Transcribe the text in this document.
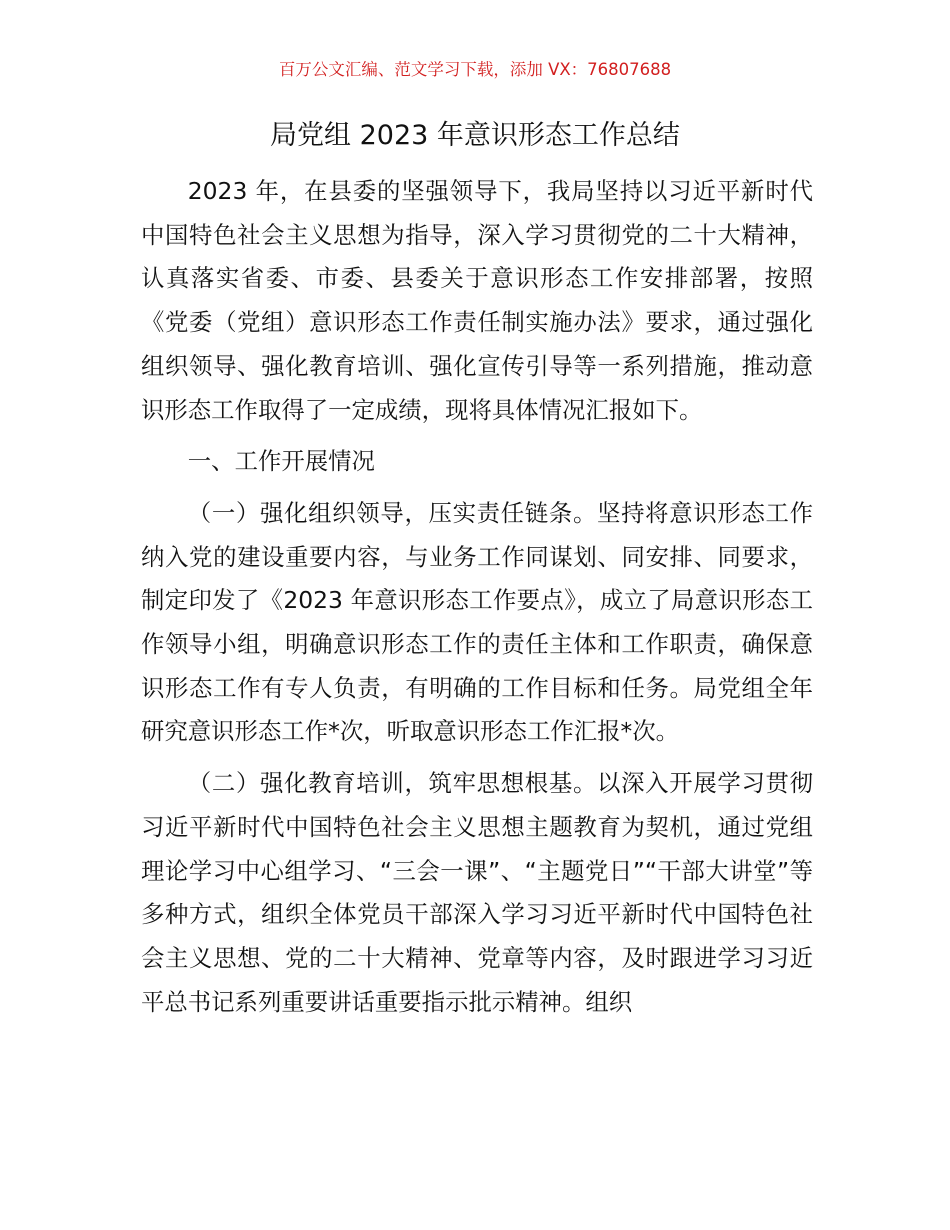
百万公文汇编、范文学习下载，添加 VX：76807688
局党组 2023 年意识形态工作总结

2023 年，在县委的坚强领导下，我局坚持以习近平新时代中国特色社会主义思想为指导，深入学习贯彻党的二十大精神，认真落实省委、市委、县委关于意识形态工作安排部署，按照《党委（党组）意识形态工作责任制实施办法》要求，通过强化组织领导、强化教育培训、强化宣传引导等一系列措施，推动意识形态工作取得了一定成绩，现将具体情况汇报如下。

一、工作开展情况

（一）强化组织领导，压实责任链条。坚持将意识形态工作纳入党的建设重要内容，与业务工作同谋划、同安排、同要求，制定印发了《2023 年意识形态工作要点》，成立了局意识形态工作领导小组，明确意识形态工作的责任主体和工作职责，确保意识形态工作有专人负责，有明确的工作目标和任务。局党组全年研究意识形态工作*次，听取意识形态工作汇报*次。

（二）强化教育培训，筑牢思想根基。以深入开展学习贯彻习近平新时代中国特色社会主义思想主题教育为契机，通过党组理论学习中心组学习、“三会一课”、“主题党日”“干部大讲堂”等多种方式，组织全体党员干部深入学习习近平新时代中国特色社会主义思想、党的二十大精神、党章等内容，及时跟进学习习近平总书记系列重要讲话重要指示批示精神。组织
